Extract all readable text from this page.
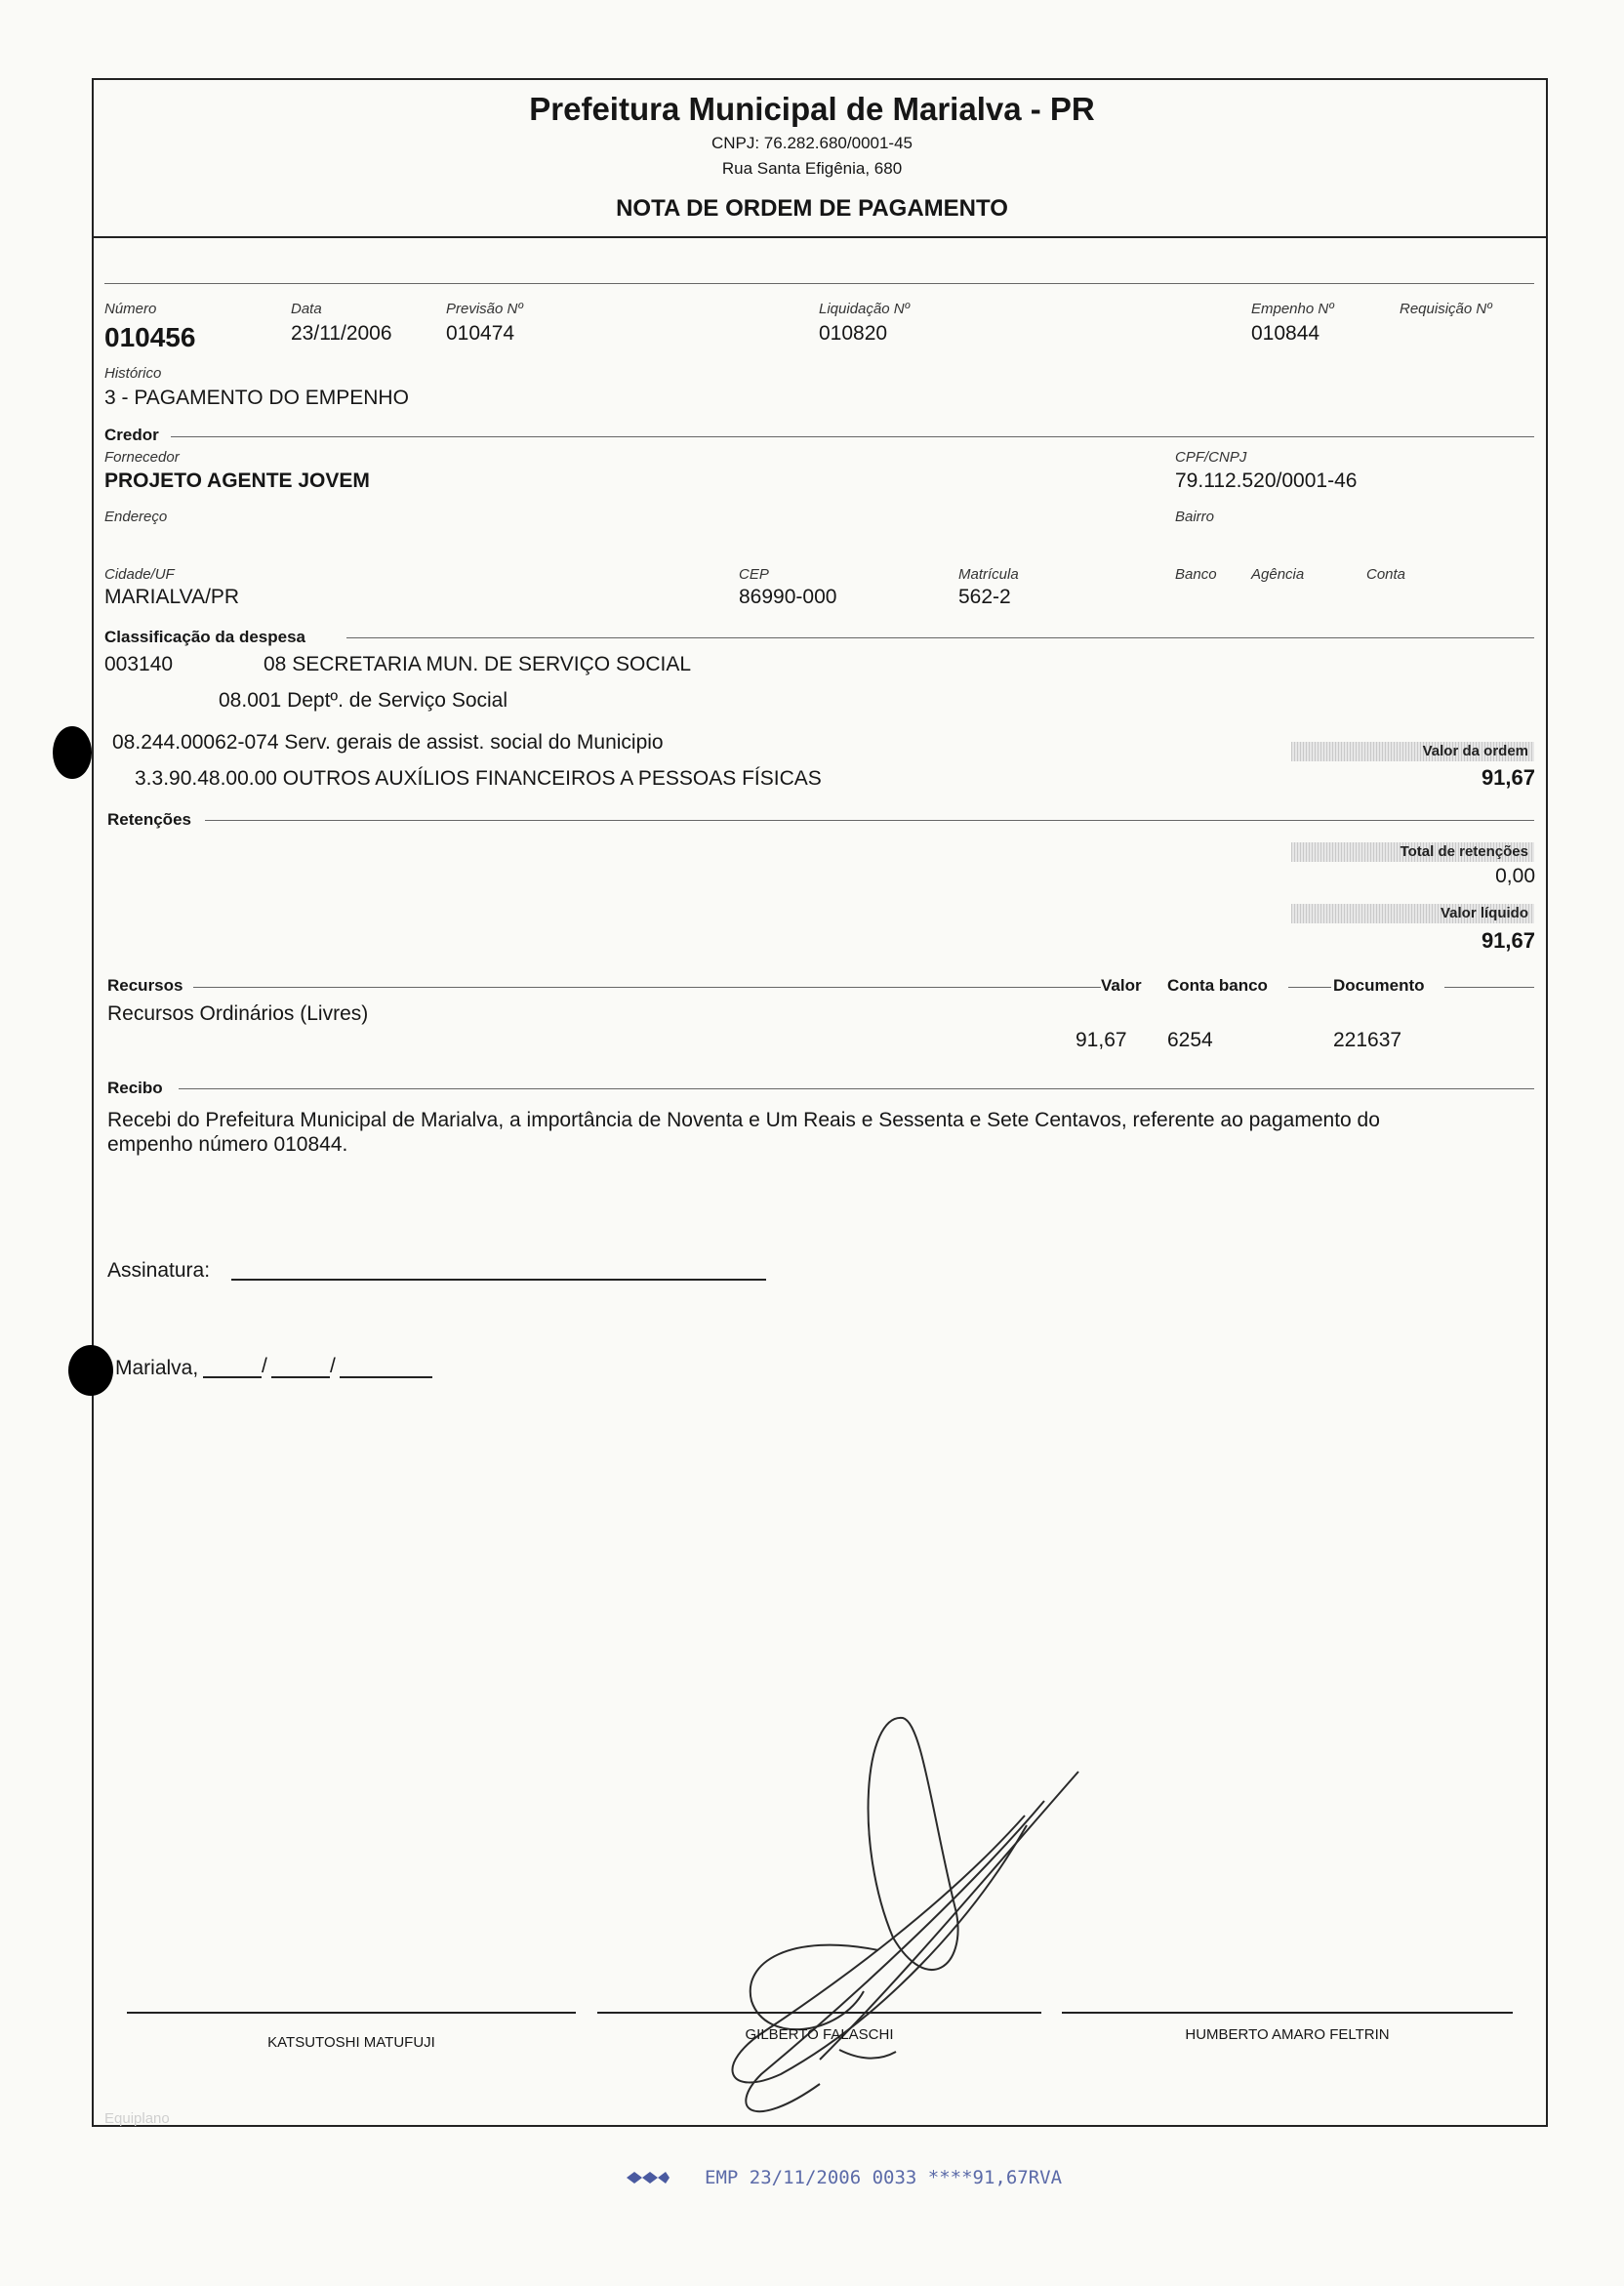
Prefeitura Municipal de Marialva - PR
CNPJ: 76.282.680/0001-45
Rua Santa Efigênia, 680
NOTA DE ORDEM DE PAGAMENTO
Número
010456
Data
23/11/2006
Previsão Nº
010474
Liquidação Nº
010820
Empenho Nº
010844
Requisição Nº
Histórico
3 - PAGAMENTO DO EMPENHO
Credor
Fornecedor
PROJETO AGENTE JOVEM
CPF/CNPJ
79.112.520/0001-46
Endereço	Bairro
Cidade/UF
MARIALVA/PR
CEP
86990-000
Matrícula
562-2
Banco Agência	Conta
Classificação da despesa
003140	08 SECRETARIA MUN. DE SERVIÇO SOCIAL
08.001 Deptº. de Serviço Social
08.244.00062-074 Serv. gerais de assist. social do Municipio
3.3.90.48.00.00 OUTROS AUXÍLIOS FINANCEIROS A PESSOAS FÍSICAS
Valor da ordem
91,67
Retenções
Total de retenções
0,00
Valor líquido
91,67
Recursos	Valor Conta banco	Documento
Recursos Ordinários (Livres)
91,67 6254	221637
Recibo
Recebi do Prefeitura Municipal de Marialva, a importância de Noventa e Um Reais e Sessenta e Sete Centavos, referente ao pagamento do
empenho número 010844.
Assinatura:
Marialva,	/	/
KATSUTOSHI MATUFUJI	GILBERTO FALASCHI	HUMBERTO AMARO FELTRIN
Equiplano
EMP 23/11/2006 0033 ****91,67RVA
